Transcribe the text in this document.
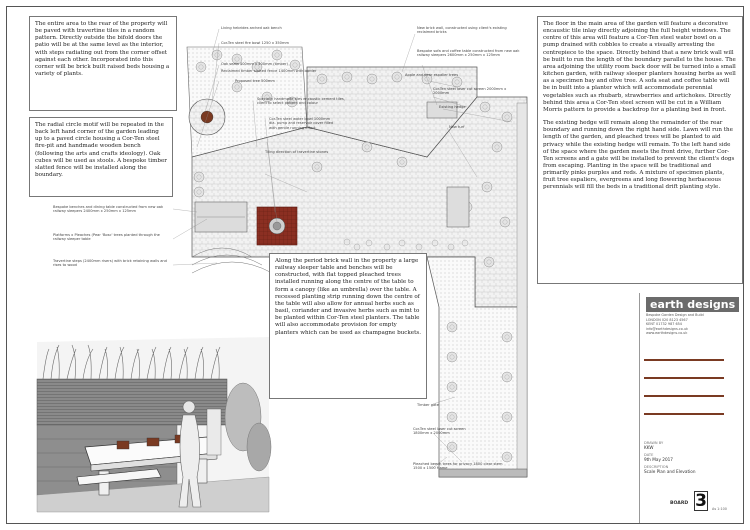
The entire area to the rear of the property will be paved with travertine tiles in a random pattern. Directly outside the bifold doors the patio will be at the same level as the interior, with steps radiating out from the corner offset against each other. Incorporated into this corner will be brick built raised beds housing a variety of plants.
The radial circle motif will be repeated in the back left hand corner of the garden leading up to a paved circle housing a Cor-Ten steel fire-pit and handmade wooden bench (following the arts and crafts ideology). Oak cubes will be used as stools. A bespoke timber slatted fence will be installed along the boundary.
Along the period brick wall in the property a large railway sleeper table and benches will be constructed, with flat topped pleached trees installed running along the centre of the table to form a canopy (like an umbrella) over the table. A recessed planting strip running down the centre of the table will also allow for annual herbs such as basil, coriander and invasive herbs such as mint to be planted within Cor-Ten steel planters. The table will also accommodate provision for empty planters which can be used as champagne buckets.
The floor in the main area of the garden will feature a decorative encaustic tile inlay directly adjoining the full height windows. The centre of this area will feature a Cor-Ten steel water bowl on a pump drained with cobbles to create a visually arresting the centrepiece to the space. Directly behind that a new brick wall will be built to run the length of the boundary parallel to the house. The area adjoining the utility room back door will be turned into a small kitchen garden, with railway sleeper planters housing herbs as well as a specimen bay and olive tree. A sofa seat and coffee table will be in built into a planter which will accommodate perennial vegetables such as rhubarb, strawberries and artichokes. Directly behind this area a Cor-Ten steel screen will be cut in a William Morris pattern to provide a backdrop for a planting bed in front.
The existing hedge will remain along the remainder of the rear boundary and running down the right hand side. Lawn will run the length of the garden, and pleached trees will be planted to aid privacy while the existing hedge will remain. To the left hand side of the space where the garden meets the front drive, further Cor-Ten screens and a gate will be installed to prevent the client's dogs from escaping. Planting in the space will be traditional and primarily pinks purples and reds. A mixture of specimen plants, fruit tree espaliers, evergreens and long flowering herbaceous perennials will fill the beds in a traditional drift planting style.
Living hebrides arched oak bench
Cor-Ten steel fire bowl 1250 x 350mm
Oak seats 400mm x 400mm (timber)
Reclaimed timber slatted fence 1400mm with border
Proposed tree 500mm
Specially handmade tiles encaustic cement tiles, client to select pattern and colour
Cor-Ten steel water bowl 1000mm dia. pump and reservoir cover filled with gentle running effect
Tiling direction of travertine stones
New brick wall, constructed using client's existing reclaimed bricks
Bespoke sofa and coffee table constructed from new oak railway sleepers 2600mm x 250mm x 125mm
Apple and pear espalier trees
Cor-Ten steel laser cut screen 2000mm x 2000mm
Existing hedge
New turf
Bespoke benches and dining table constructed from new oak railway sleepers 2400mm x 250mm x 125mm
Platforms x Pleaches (Pear 'Bosc' trees planted through the railway sleeper table
Travertine steps (2400mm risers) with brick retaining walls and rises to wood
Timber gate
Cor-Ten steel laser cut screen 1800mm x 2000mm
Pleached beech trees for privacy 1800 clear stem 1500 x 1500 frame
earth designs
Bespoke Garden Design and Build
LONDON 020 8123 4567
KENT 01732 987 654
info@earthdesigns.co.uk
www.earthdesigns.co.uk
DRAWN BY
KKW
DATE
9th May 2017
DESCRIPTION
Scale Plan and Elevation
BOARD 3	As 1:100
